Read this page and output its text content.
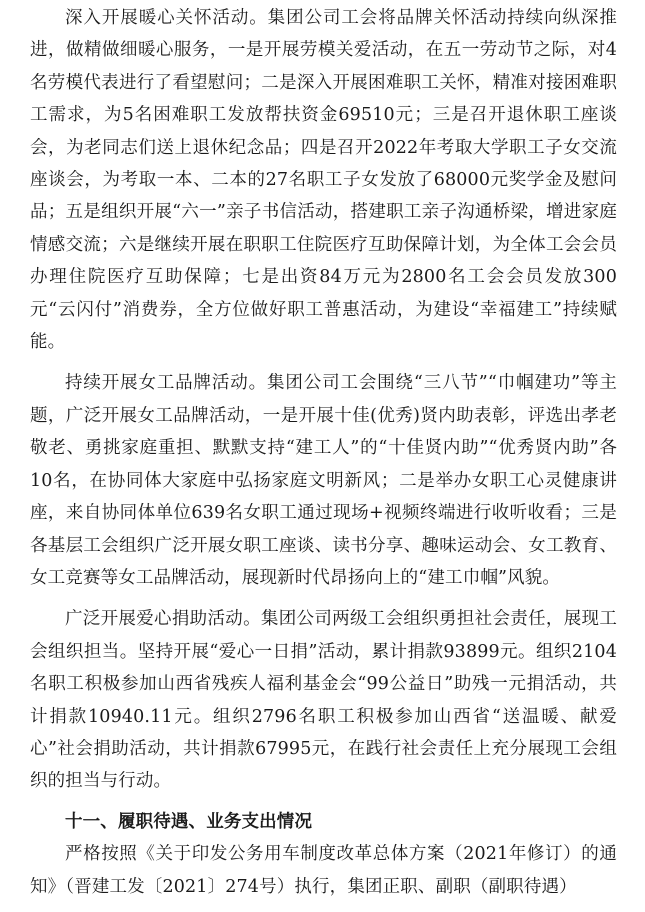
深入开展暖心关怀活动。集团公司工会将品牌关怀活动持续向纵深推进，做精做细暖心服务，一是开展劳模关爱活动，在五一劳动节之际，对4名劳模代表进行了看望慰问；二是深入开展困难职工关怀，精准对接困难职工需求，为5名困难职工发放帮扶资金69510元；三是召开退休职工座谈会，为老同志们送上退休纪念品；四是召开2022年考取大学职工子女交流座谈会，为考取一本、二本的27名职工子女发放了68000元奖学金及慰问品；五是组织开展“六一”亲子书信活动，搭建职工亲子沟通桥梁，增进家庭情感交流；六是继续开展在职职工住院医疗互助保障计划，为全体工会会员办理住院医疗互助保障；七是出资84万元为2800名工会会员发放300元“云闪付”消费券，全方位做好职工普惠活动，为建设“幸福建工”持续赋能。

持续开展女工品牌活动。集团公司工会围绕“三八节”“巾帼建功”等主题，广泛开展女工品牌活动，一是开展十佳(优秀)贤内助表彰，评选出孝老敬老、勇挑家庭重担、默默支持“建工人”的“十佳贤内助”“优秀贤内助”各10名，在协同体大家庭中弘扬家庭文明新风；二是举办女职工心灵健康讲座，来自协同体单位639名女职工通过现场+视频终端进行收听收看；三是各基层工会组织广泛开展女职工座谈、读书分享、趣味运动会、女工教育、女工竞赛等女工品牌活动，展现新时代昂扬向上的“建工巾帼”风貌。

广泛开展爱心捐助活动。集团公司两级工会组织勇担社会责任，展现工会组织担当。坚持开展“爱心一日捐”活动，累计捐款93899元。组织2104名职工积极参加山西省残疾人福利基金会“99公益日”助残一元捐活动，共计捐款10940.11元。组织2796名职工积极参加山西省“送温暖、献爱心”社会捐助活动，共计捐款67995元，在践行社会责任上充分展现工会组织的担当与行动。

十一、履职待遇、业务支出情况

严格按照《关于印发公务用车制度改革总体方案（2021年修订）的通知》（晋建工发〔2021〕274号）执行，集团正职、副职（副职待遇）
